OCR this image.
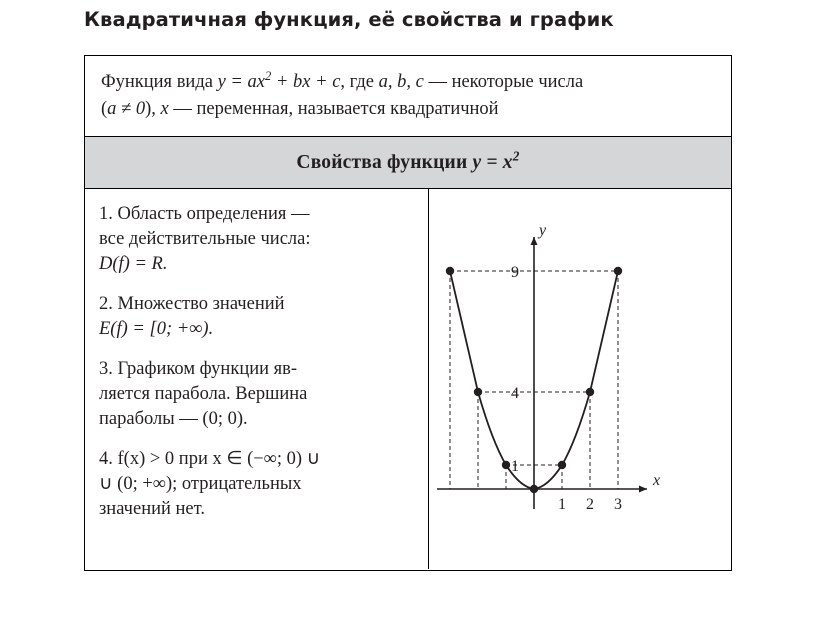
Квадратичная функция, её свойства и график
Функция вида $y = ax^2$ + bx + c, где a, b, c — некоторые числа
(a ≠ 0), x — переменная, называется квадратичной
Свойства функции $y = x^2$
1. Область определения —
все действительные числа:
D(f) = R.
2. Множество значений
E(f) = [0; +∞).
3. Графиком функции яв-
ляется парабола. Вершина
параболы — (0; 0).
4. f(x) > 0 при x ∈ (−∞; 0) ∪
∪ (0; +∞); отрицательных
значений нет.
x
y
9
4
1
1 2 3
